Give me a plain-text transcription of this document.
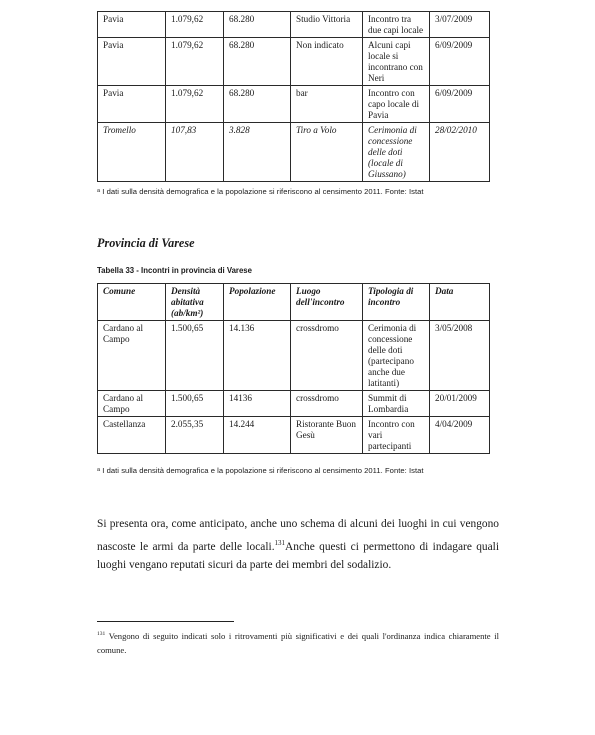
Pavia	1.079,62	68.280	Studio Vittoria	Incontro tra due capi locale	3/07/2009
Pavia	1.079,62	68.280	Non indicato	Alcuni capi locale si incontrano con Neri	6/09/2009
Pavia	1.079,62	68.280	bar	Incontro con capo locale di Pavia	6/09/2009
Tromello	107,83	3.828	Tiro a Volo	Cerimonia di concessione delle doti (locale di Giussano)	28/02/2010
$^a$ I dati sulla densità demografica e la popolazione si riferiscono al censimento 2011. Fonte: Istat
Provincia di Varese
Tabella 33 - Incontri in provincia di Varese
Comune	Densità abitativa (ab/km²)	Popolazione	Luogo dell'incontro	Tipologia di incontro	Data
Cardano al Campo	1.500,65	14.136	crossdromo	Cerimonia di concessione delle doti (partecipano anche due latitanti)	3/05/2008
Cardano al Campo	1.500,65	14136	crossdromo	Summit di Lombardia	20/01/2009
Castellanza	2.055,35	14.244	Ristorante Buon Gesù	Incontro con vari partecipanti	4/04/2009
$^a$ I dati sulla densità demografica e la popolazione si riferiscono al censimento 2011. Fonte: Istat

Si presenta ora, come anticipato, anche uno schema di alcuni dei luoghi in cui vengono nascoste le armi da parte delle locali.$^{131}$Anche questi ci permettono di indagare quali luoghi vengano reputati sicuri da parte dei membri del sodalizio.

$^{131}$ Vengono di seguito indicati solo i ritrovamenti più significativi e dei quali l'ordinanza indica chiaramente il comune.
